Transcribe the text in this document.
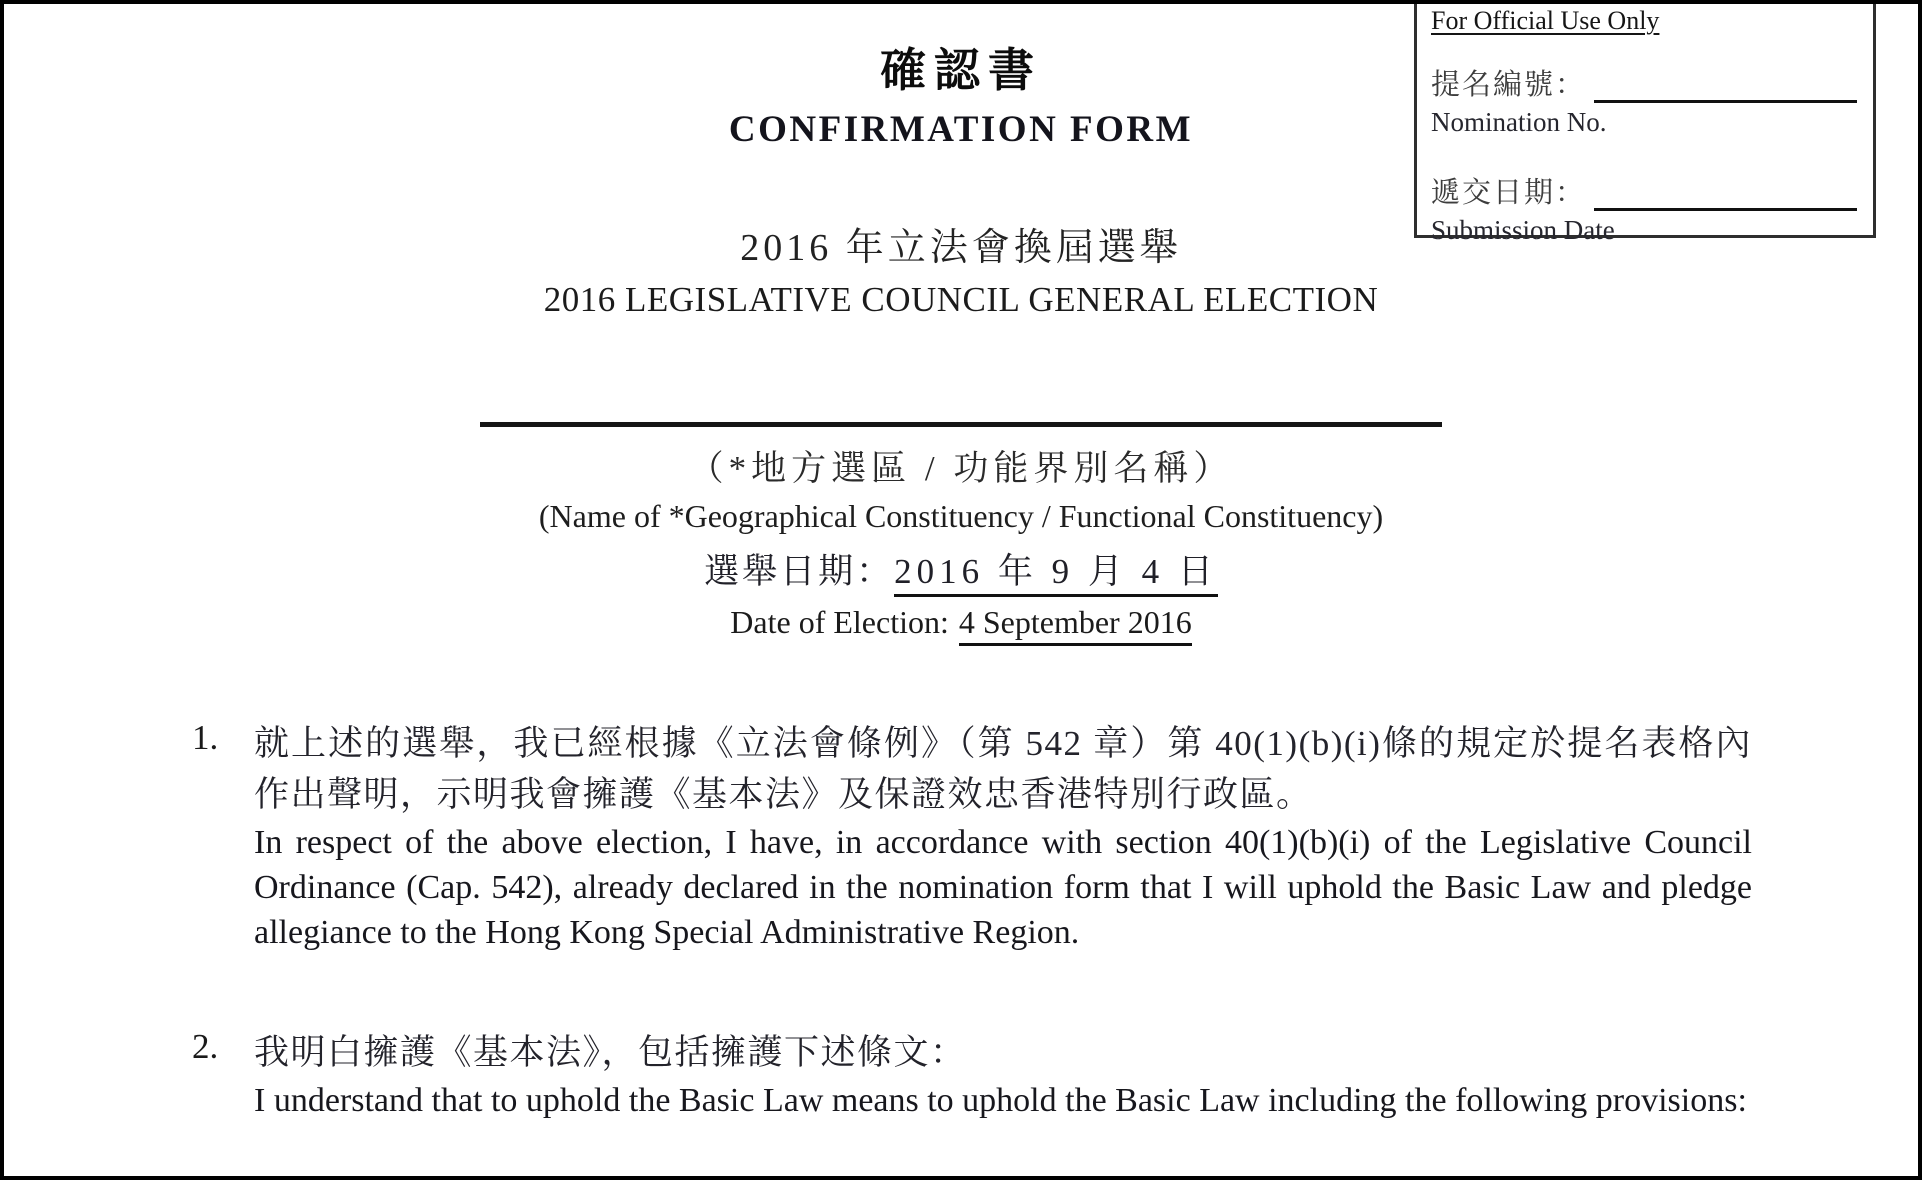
For Official Use Only
提名編號：
Nomination No.
遞交日期：
Submission Date
確認書
CONFIRMATION FORM
2016 年立法會換屆選舉
2016 LEGISLATIVE COUNCIL GENERAL ELECTION
（*地方選區 / 功能界別名稱）
(Name of *Geographical Constituency / Functional Constituency)
選舉日期：2016 年 9 月 4 日
Date of Election: 4 September 2016
1.	就上述的選舉，我已經根據《立法會條例》（第 542 章）第 40(1)(b)(i)條的規定於提名表格內作出聲明，示明我會擁護《基本法》及保證效忠香港特別行政區。
In respect of the above election, I have, in accordance with section 40(1)(b)(i) of the Legislative Council Ordinance (Cap. 542), already declared in the nomination form that I will uphold the Basic Law and pledge allegiance to the Hong Kong Special Administrative Region.
2.	我明白擁護《基本法》，包括擁護下述條文：
I understand that to uphold the Basic Law means to uphold the Basic Law including the following provisions:
